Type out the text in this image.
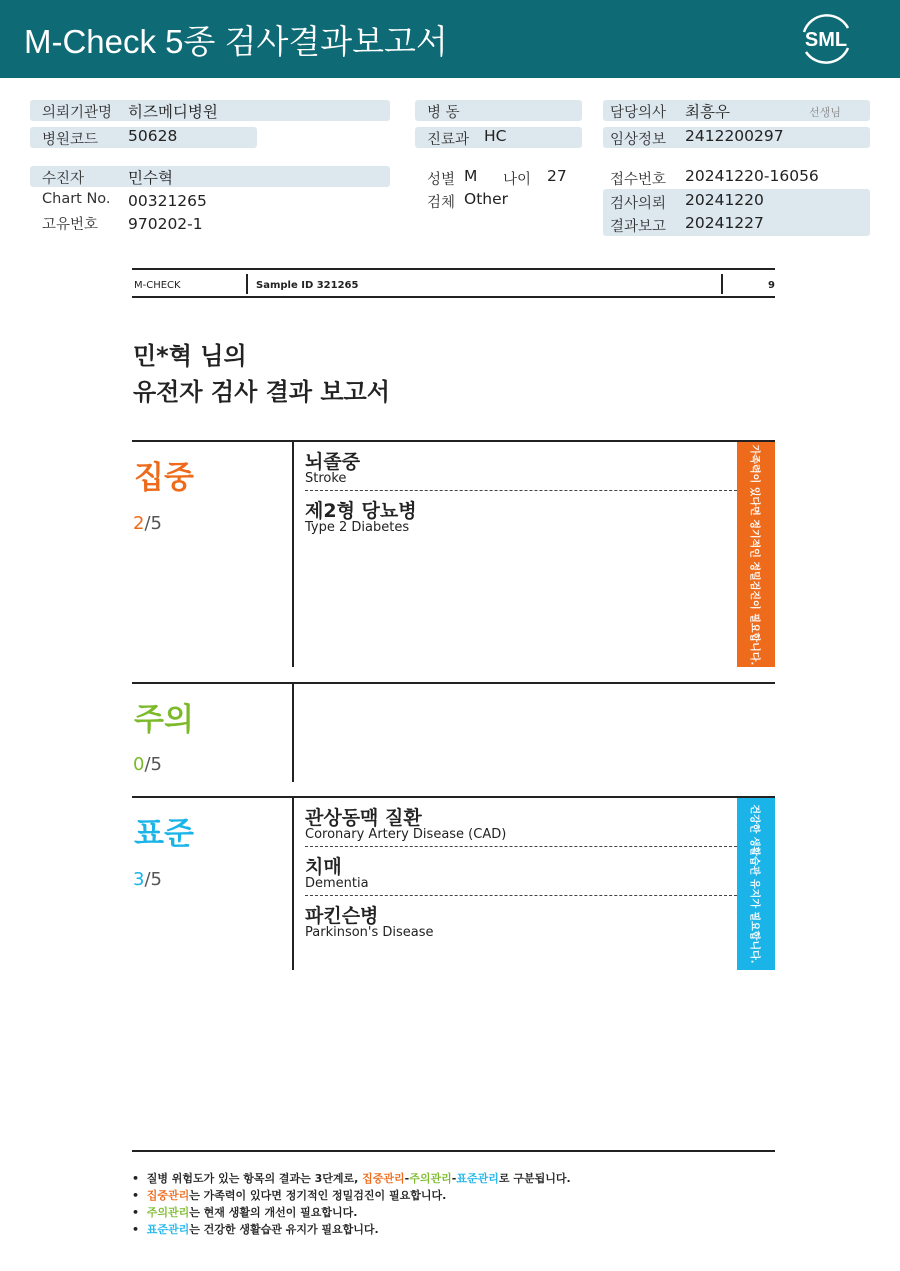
M-Check 5종 검사결과보고서	SML
의뢰기관명 히즈메디병원
병원코드 50628
수진자	민수혁
Chart No. 00321265
고유번호 970202-1
병 동
진료과 HC
성별 M 나이 27
검체 Other
담당의사 최흥우	선생님
임상정보 2412200297
접수번호 20241220-16056
검사의뢰 20241220
결과보고 20241227
M-CHECK	Sample ID 321265	9
민*혁 님의
유전자 검사 결과 보고서
집중
2/5
뇌졸중
Stroke
제2형 당뇨병
Type 2 Diabetes	가족력이 있다면 정기적인 정밀검진이 필요합니다.
주의
0/5
표준
3/5
관상동맥 질환
Coronary Artery Disease (CAD)
치매
Dementia
파킨슨병
Parkinson's Disease	건강한 생활습관 유지가 필요합니다.
• 질병 위험도가 있는 항목의 결과는 3단계로, 집중관리-주의관리-표준관리로 구분됩니다.
• 집중관리는 가족력이 있다면 정기적인 정밀검진이 필요합니다.
• 주의관리는 현재 생활의 개선이 필요합니다.
• 표준관리는 건강한 생활습관 유지가 필요합니다.
